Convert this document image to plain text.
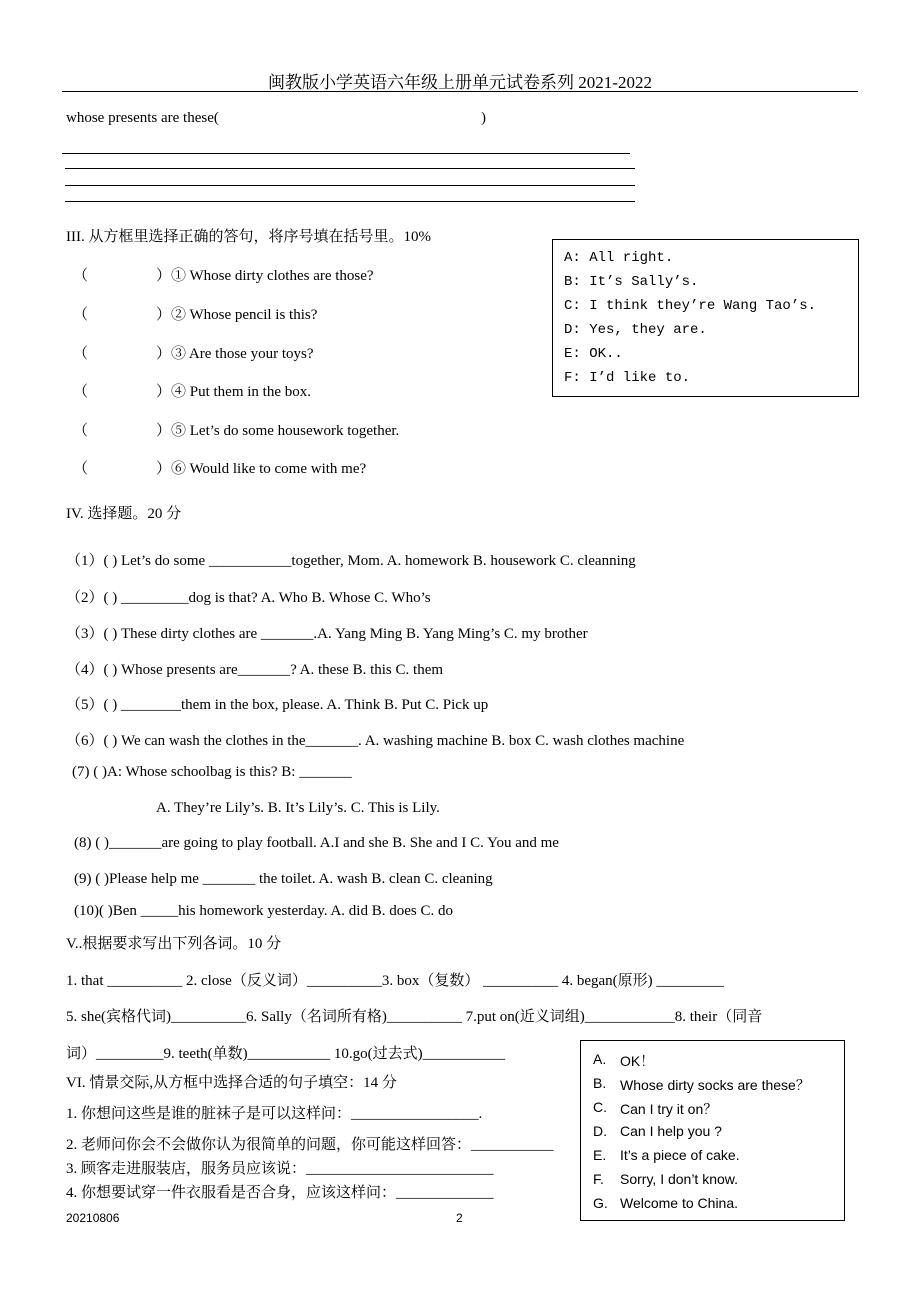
闽教版小学英语六年级上册单元试卷系列 2021-2022
whose presents are these(	)
III. 从方框里选择正确的答句，将序号填在括号里。10%
（	）① Whose dirty clothes are those?
（	）② Whose pencil is this?
（	）③ Are those your toys?
（	）④ Put them in the box.
（	）⑤ Let’s do some housework together.
（	）⑥ Would like to come with me?
A: All right.
B: It’s Sally’s.
C: I think they’re Wang Tao’s.
D: Yes, they are.
E: OK..
F: I’d like to.
IV. 选择题。20 分
（1）( ) Let’s do some ___________together, Mom. A. homework B. housework C. cleanning
（2）( ) _________dog is that? A. Who B. Whose C. Who’s
（3）( ) These dirty clothes are _______.A. Yang Ming B. Yang Ming’s C. my brother
（4）( ) Whose presents are_______? A. these B. this C. them
（5）( ) ________them in the box, please. A. Think B. Put C. Pick up
（6）( ) We can wash the clothes in the_______. A. washing machine B. box C. wash clothes machine
(7) ( )A: Whose schoolbag is this? B: _______
A. They’re Lily’s. B. It’s Lily’s. C. This is Lily.
(8) ( )_______are going to play football. A.I and she B. She and I C. You and me
(9) ( )Please help me _______ the toilet. A. wash B. clean C. cleaning
(10)( )Ben _____his homework yesterday. A. did B. does C. do
V..根据要求写出下列各词。10 分
1. that __________ 2. close（反义词）__________3. box（复数） __________ 4. began(原形) _________
5. she(宾格代词)__________6. Sally（名词所有格)__________ 7.put on(近义词组)____________8. their（同音
词）_________9. teeth(单数)___________ 10.go(过去式)___________
VI. 情景交际,从方框中选择合适的句子填空：14 分
1. 你想问这些是谁的脏袜子是可以这样问：_________________.
2. 老师问你会不会做你认为很简单的问题，你可能这样回答：___________
3. 顾客走进服装店，服务员应该说：_________________________
4. 你想要试穿一件衣服看是否合身，应该这样问：_____________
A. OK！
B. Whose dirty socks are these？
C. Can I try it on？
D. Can I help you ?
E. It’s a piece of cake.
F. Sorry, I don’t know.
G. Welcome to China.
20210806	2
